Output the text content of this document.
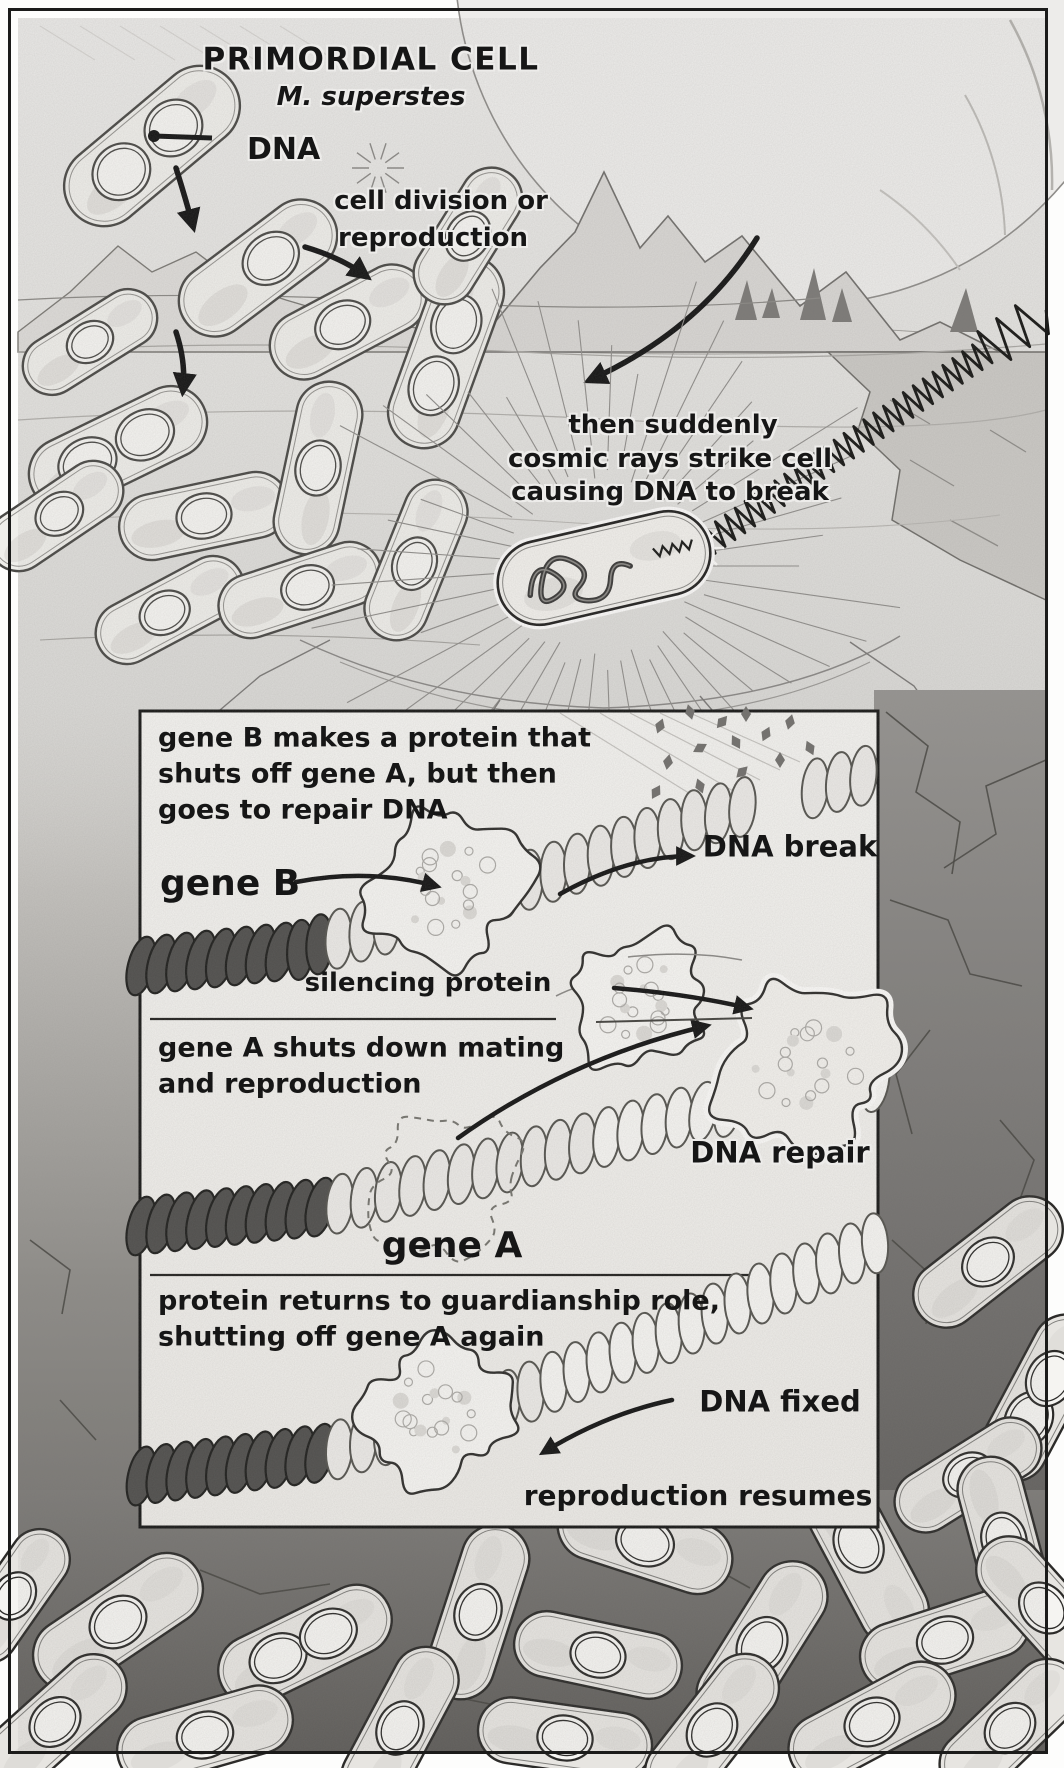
PRIMORDIAL CELL
M. superstes
DNA
cell division or
reproduction
then suddenly
cosmic rays strike cell
causing DNA to break
gene B makes a protein that
shuts off gene A, but then
goes to repair DNA
gene B
DNA break
silencing protein
gene A shuts down mating
and reproduction
DNA repair
gene A
protein returns to guardianship role,
shutting off gene A again
DNA fixed
reproduction resumes
